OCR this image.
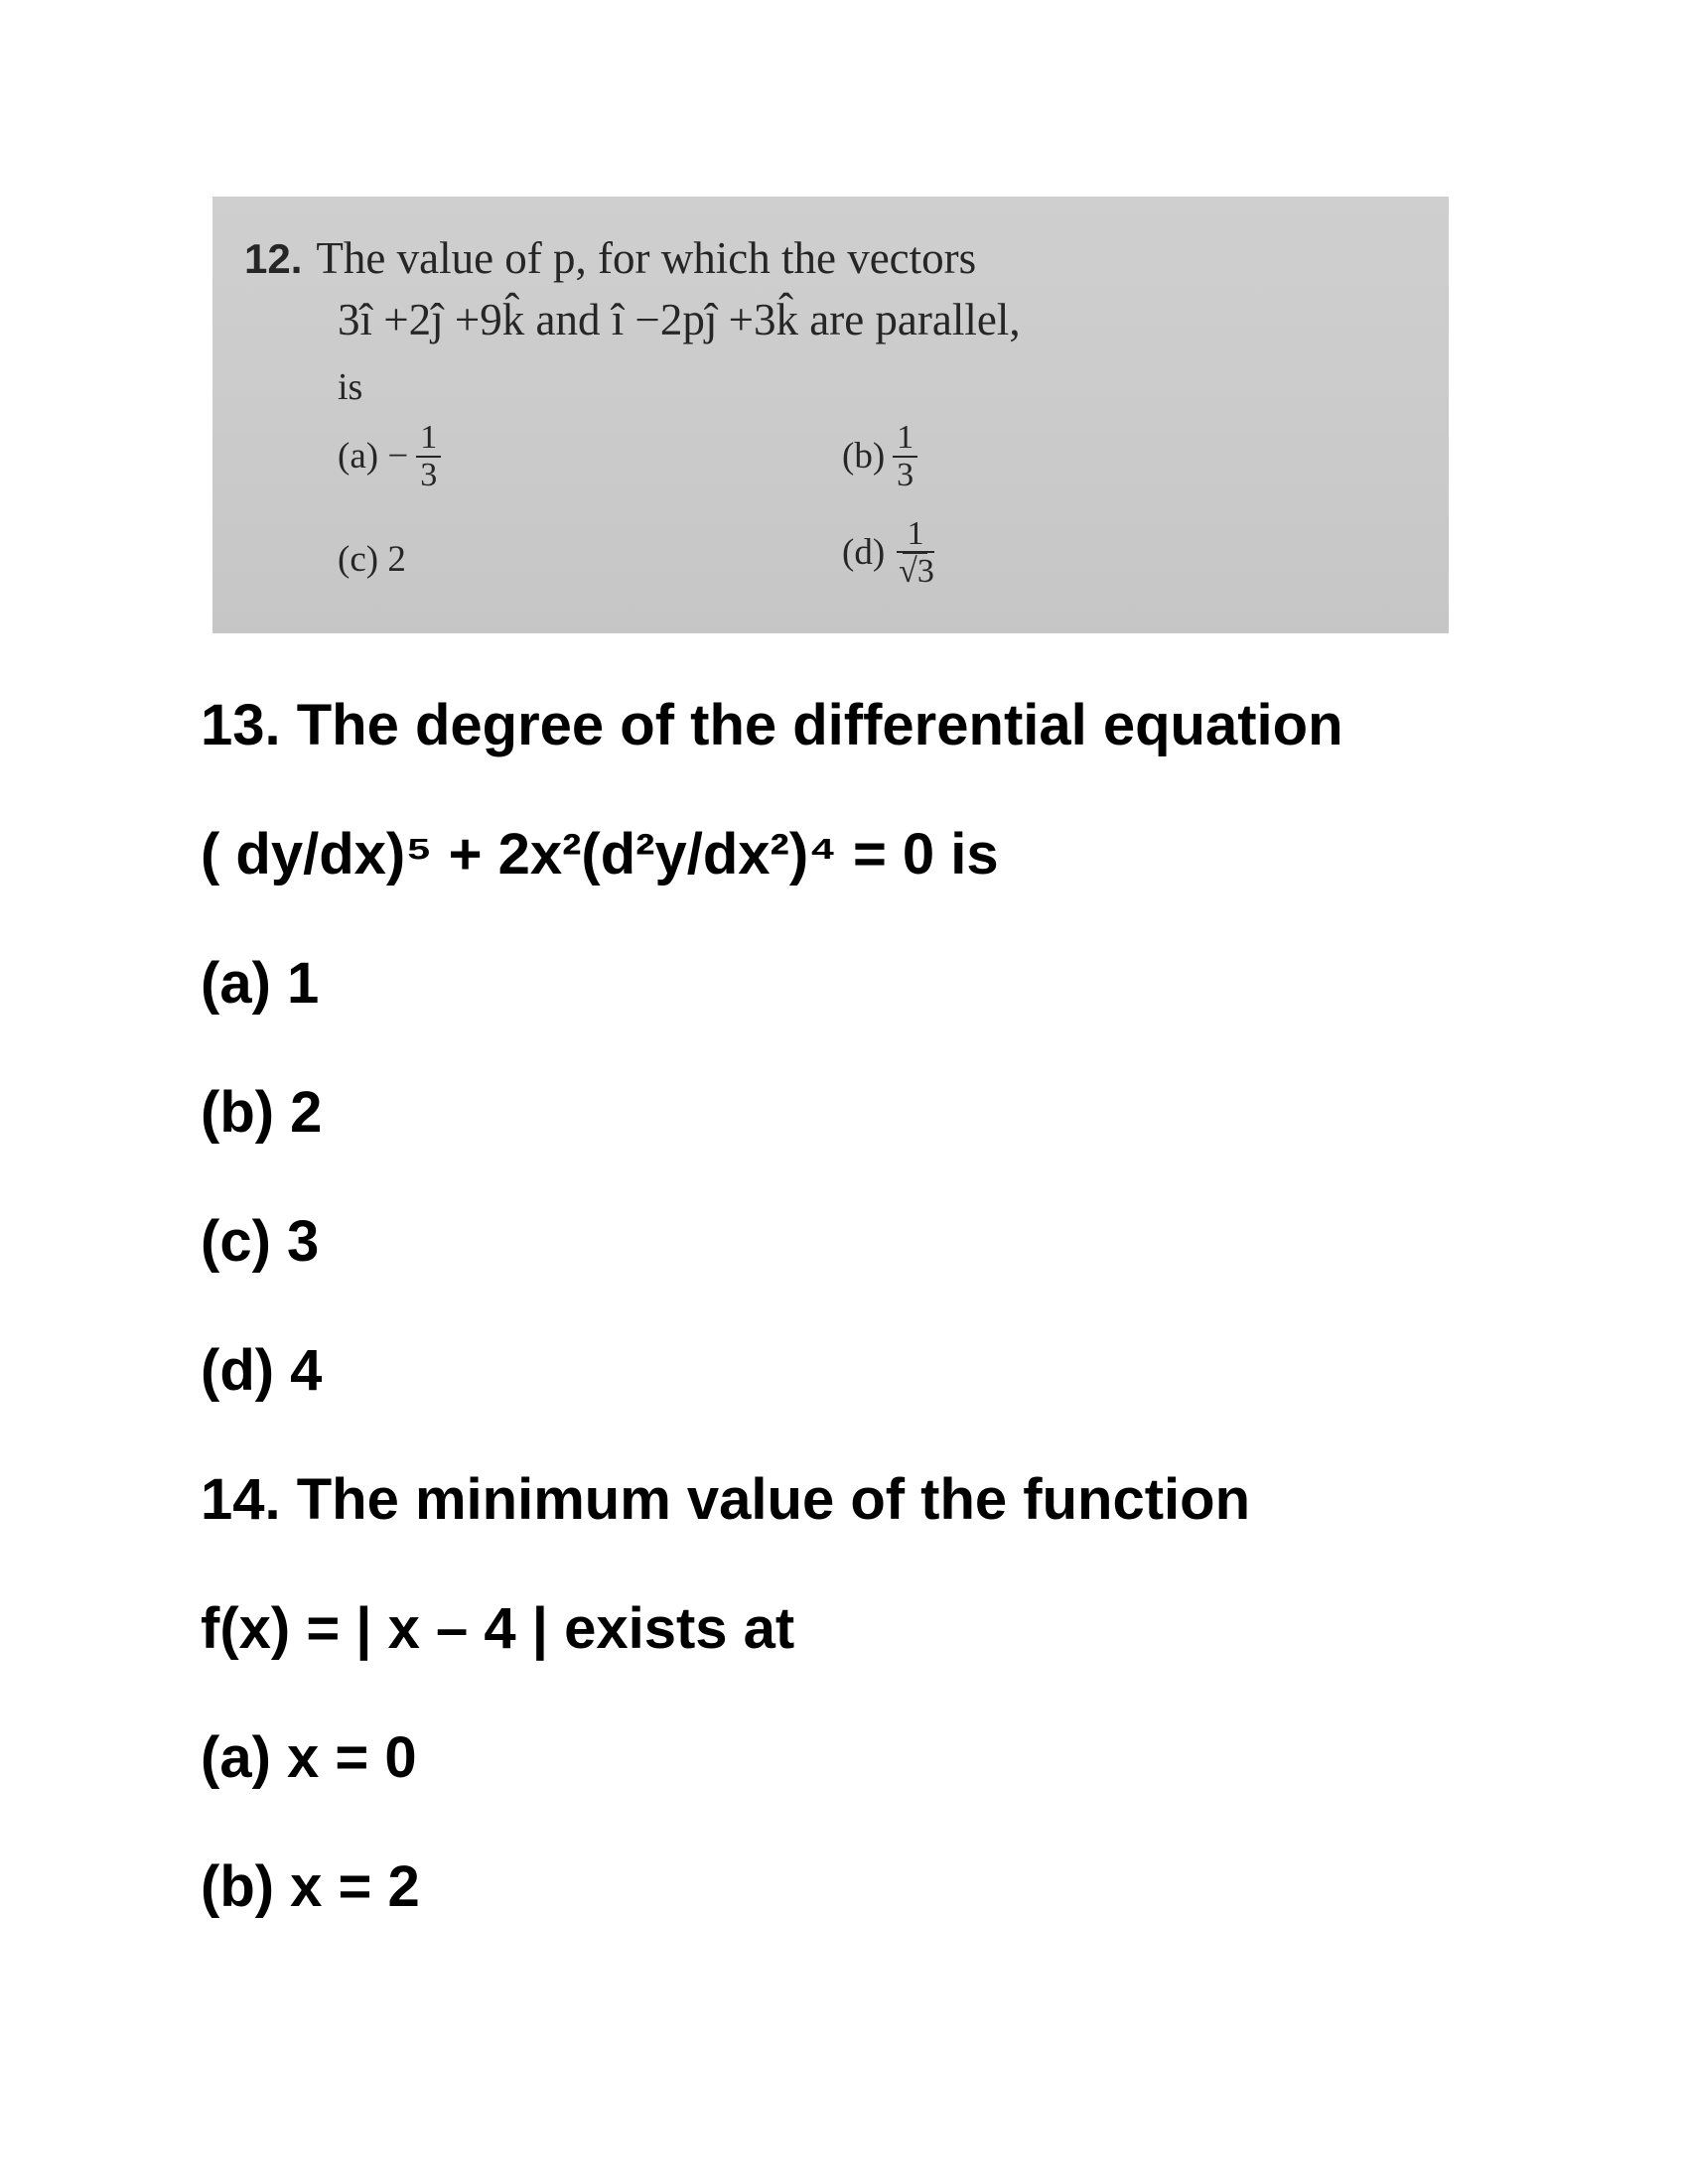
12. The value of p, for which the vectors
3î +2ĵ +9k̂ and î −2pĵ +3k̂ are parallel,
is
$(a) - \frac{1}{3}$	$(b) \frac{1}{3}$
(c) 2	$(d) \frac{1}{√3}$
13. The degree of the differential equation
( dy/dx)⁵ + 2x²(d²y/dx²)⁴ = 0 is
(a) 1
(b) 2
(c) 3
(d) 4
14. The minimum value of the function
f(x) = | x – 4 | exists at
(a) x = 0
(b) x = 2
